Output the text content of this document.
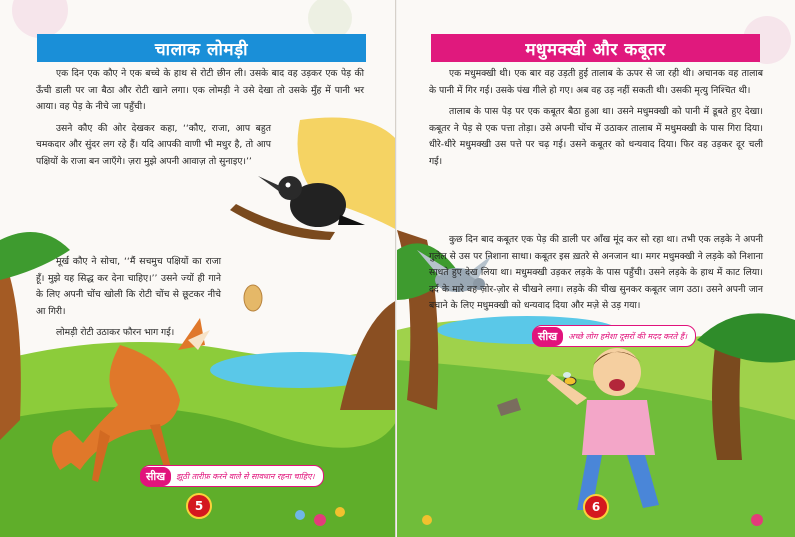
चालाक लोमड़ी

एक दिन एक कौए ने एक बच्चे के हाथ से रोटी छीन ली। उसके बाद वह उड़कर एक पेड़ की ऊँची डाली पर जा बैठा और रोटी खाने लगा। एक लोमड़ी ने उसे देखा तो उसके मुँह में पानी भर आया। वह पेड़ के नीचे जा पहुँची।

उसने कौए की ओर देखकर कहा, ‘‘कौए, राजा, आप बहुत चमकदार और सुंदर लग रहे हैं। यदि आपकी वाणी भी मधुर है, तो आप पक्षियों के राजा बन जाएँगे। ज़रा मुझे अपनी आवाज़ तो सुनाइए।’’

मूर्ख कौए ने सोचा, ‘‘मैं सचमुच पक्षियों का राजा हूँ। मुझे यह सिद्ध कर देना चाहिए।’’ उसने ज्यों ही गाने के लिए अपनी चोंच खोली कि रोटी चोंच से छूटकर नीचे आ गिरी।

लोमड़ी रोटी उठाकर फौरन भाग गई।

सीख	झूठी तारीफ़ करने वाले से सावधान रहना चाहिए।
5
मधुमक्खी और कबूतर

एक मधुमक्खी थी। एक बार वह उड़ती हुई तालाब के ऊपर से जा रही थी। अचानक वह तालाब के पानी में गिर गई। उसके पंख गीले हो गए। अब वह उड़ नहीं सकती थी। उसकी मृत्यु निश्चित थी।

तालाब के पास पेड़ पर एक कबूतर बैठा हुआ था। उसने मधुमक्खी को पानी में डूबते हुए देखा। कबूतर ने पेड़ से एक पत्ता तोड़ा। उसे अपनी चोंच में उठाकर तालाब में मधुमक्खी के पास गिरा दिया। धीरे-धीरे मधुमक्खी उस पत्ते पर चढ़ गई। उसने कबूतर को धन्यवाद दिया। फिर वह उड़कर दूर चली गई।

कुछ दिन बाद कबूतर एक पेड़ की डाली पर आँख मूंद कर सो रहा था। तभी एक लड़के ने अपनी गुलेल से उस पर निशाना साधा। कबूतर इस ख़तरे से अनजान था। मगर मधुमक्खी ने लड़के को निशाना साधते हुए देख लिया था। मधुमक्खी उड़कर लड़के के पास पहुँची। उसने लड़के के हाथ में काट लिया। दर्द के मारे वह ज़ोर-ज़ोर से चीखने लगा। लड़के की चीख सुनकर कबूतर जाग उठा। उसने अपनी जान बचाने के लिए मधुमक्खी को धन्यवाद दिया और मज़े से उड़ गया।

सीख	अच्छे लोग हमेशा दूसरों की मदद करते हैं।
6
